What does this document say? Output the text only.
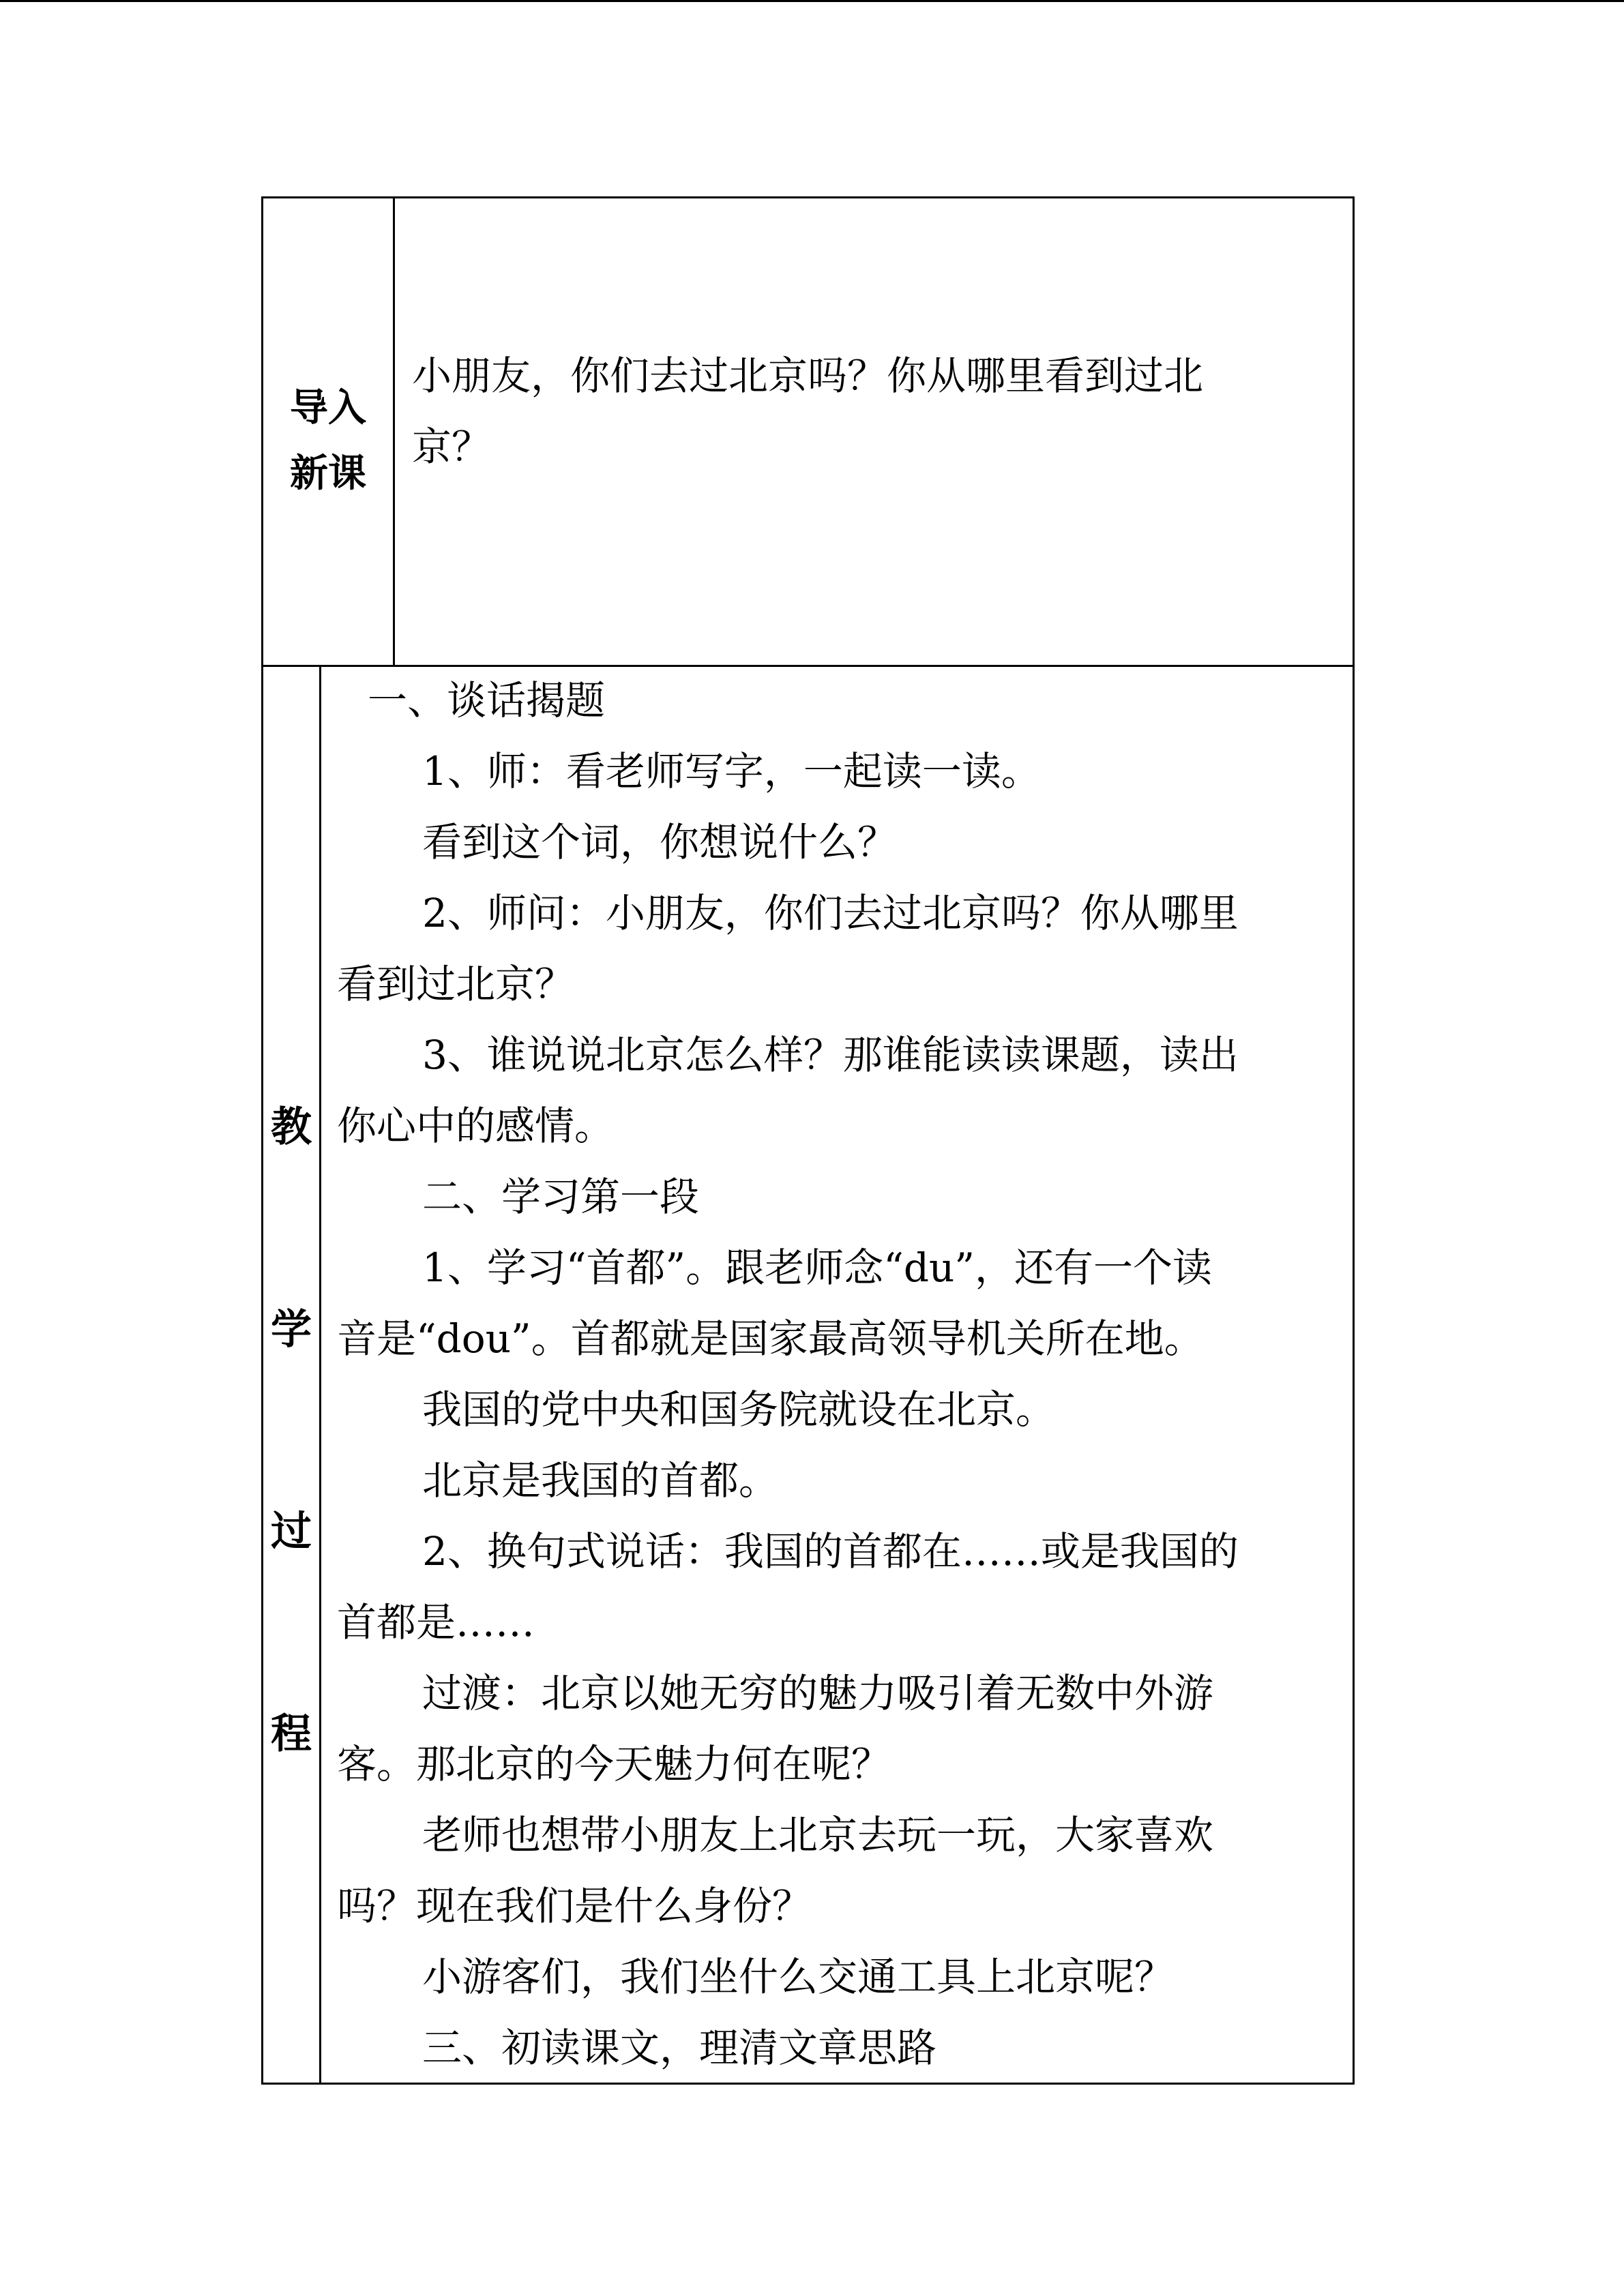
导入
新课
小朋友，你们去过北京吗？你从哪里看到过北
京？
教
学
过
程
一、谈话揭题
1、师：看老师写字，一起读一读。
看到这个词，你想说什么？
2、师问：小朋友，你们去过北京吗？你从哪里
看到过北京？
3、谁说说北京怎么样？那谁能读读课题，读出
你心中的感情。
二、学习第一段
1、学习“首都”。跟老师念“du”，还有一个读
音是“dou”。首都就是国家最高领导机关所在地。
我国的党中央和国务院就设在北京。
北京是我国的首都。
2、换句式说话：我国的首都在……或是我国的
首都是……
过渡：北京以她无穷的魅力吸引着无数中外游
客。那北京的今天魅力何在呢？
老师也想带小朋友上北京去玩一玩，大家喜欢
吗？现在我们是什么身份？
小游客们，我们坐什么交通工具上北京呢？
三、初读课文，理清文章思路
